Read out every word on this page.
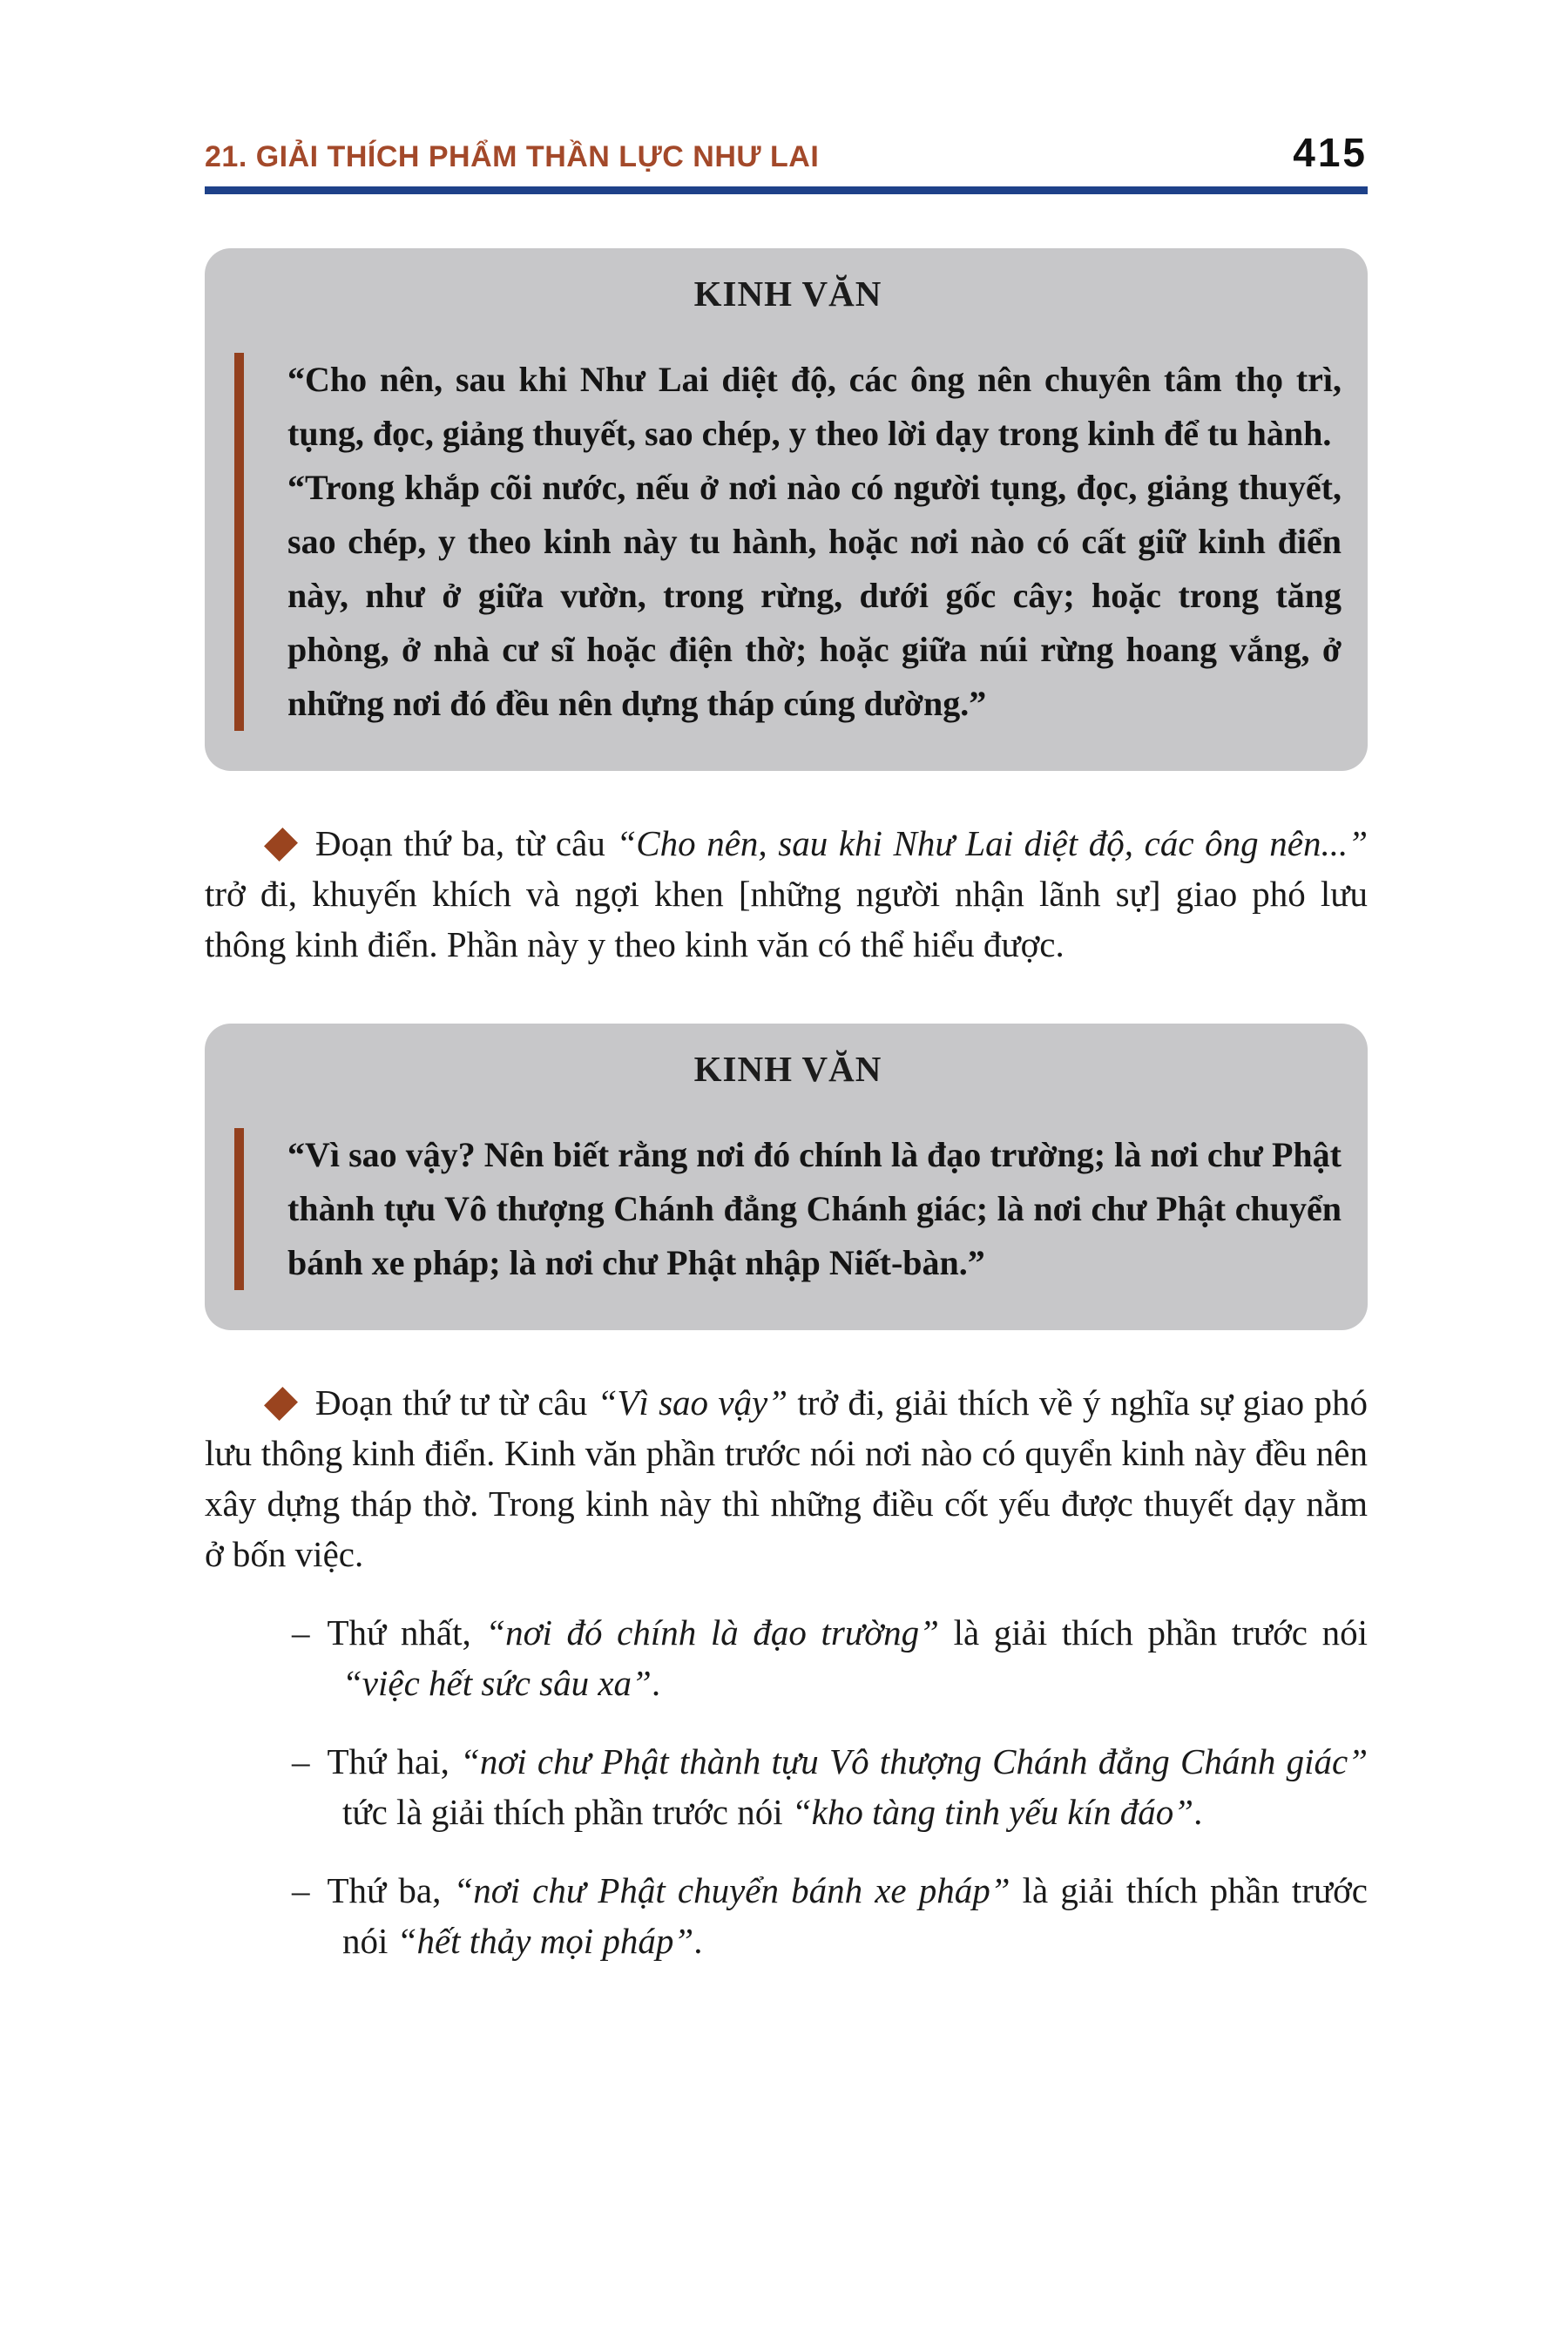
21. GIẢI THÍCH PHẨM THẦN LỰC NHƯ LAI	415

KINH VĂN

“Cho nên, sau khi Như Lai diệt độ, các ông nên chuyên tâm thọ trì, tụng, đọc, giảng thuyết, sao chép, y theo lời dạy trong kinh để tu hành.

“Trong khắp cõi nước, nếu ở nơi nào có người tụng, đọc, giảng thuyết, sao chép, y theo kinh này tu hành, hoặc nơi nào có cất giữ kinh điển này, như ở giữa vườn, trong rừng, dưới gốc cây; hoặc trong tăng phòng, ở nhà cư sĩ hoặc điện thờ; hoặc giữa núi rừng hoang vắng, ở những nơi đó đều nên dựng tháp cúng dường.”

Đoạn thứ ba, từ câu “Cho nên, sau khi Như Lai diệt độ, các ông nên...” trở đi, khuyến khích và ngợi khen [những người nhận lãnh sự] giao phó lưu thông kinh điển. Phần này y theo kinh văn có thể hiểu được.

KINH VĂN

“Vì sao vậy? Nên biết rằng nơi đó chính là đạo trường; là nơi chư Phật thành tựu Vô thượng Chánh đẳng Chánh giác; là nơi chư Phật chuyển bánh xe pháp; là nơi chư Phật nhập Niết-bàn.”

Đoạn thứ tư từ câu “Vì sao vậy” trở đi, giải thích về ý nghĩa sự giao phó lưu thông kinh điển. Kinh văn phần trước nói nơi nào có quyển kinh này đều nên xây dựng tháp thờ. Trong kinh này thì những điều cốt yếu được thuyết dạy nằm ở bốn việc.

– Thứ nhất, “nơi đó chính là đạo trường” là giải thích phần trước nói “việc hết sức sâu xa”.
– Thứ hai, “nơi chư Phật thành tựu Vô thượng Chánh đẳng Chánh giác” tức là giải thích phần trước nói “kho tàng tinh yếu kín đáo”.
– Thứ ba, “nơi chư Phật chuyển bánh xe pháp” là giải thích phần trước nói “hết thảy mọi pháp”.
